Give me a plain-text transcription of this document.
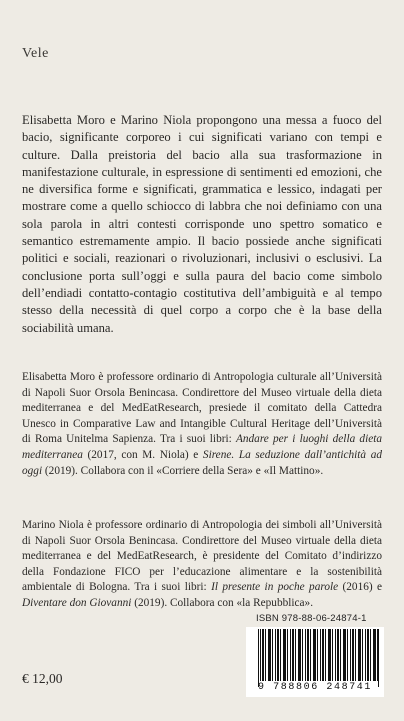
Vele

Elisabetta Moro e Marino Niola propongono una messa a fuoco del bacio, significante corporeo i cui significati variano con tempi e culture. Dalla preistoria del bacio alla sua trasformazione in manifestazione culturale, in espressione di sentimenti ed emozioni, che ne diversifica forme e significati, grammatica e lessico, indagati per mostrare come a quello schiocco di labbra che noi definiamo con una sola parola in altri contesti corrisponde uno spettro somatico e semantico estremamente ampio. Il bacio possiede anche significati politici e sociali, reazionari o rivoluzionari, inclusivi o esclusivi. La conclusione porta sull’oggi e sulla paura del bacio come simbolo dell’endiadi contatto-contagio costitutiva dell’ambiguità e al tempo stesso della necessità di quel corpo a corpo che è la base della sociabilità umana.

Elisabetta Moro è professore ordinario di Antropologia culturale all’Università di Napoli Suor Orsola Benincasa. Condirettore del Museo virtuale della dieta mediterranea e del MedEatResearch, presiede il comitato della Cattedra Unesco in Comparative Law and Intangible Cultural Heritage dell’Università di Roma Unitelma Sapienza. Tra i suoi libri: Andare per i luoghi della dieta mediterranea (2017, con M. Niola) e Sirene. La seduzione dall’antichità ad oggi (2019). Collabora con il «Corriere della Sera» e «Il Mattino».

Marino Niola è professore ordinario di Antropologia dei simboli all’Università di Napoli Suor Orsola Benincasa. Condirettore del Museo virtuale della dieta mediterranea e del MedEatResearch, è presidente del Comitato d’indirizzo della Fondazione FICO per l’educazione alimentare e la sostenibilità ambientale di Bologna. Tra i suoi libri: Il presente in poche parole (2016) e Diventare don Giovanni (2019). Collabora con «la Repubblica».

ISBN 978-88-06-24874-1
9 788806 248741
€ 12,00
